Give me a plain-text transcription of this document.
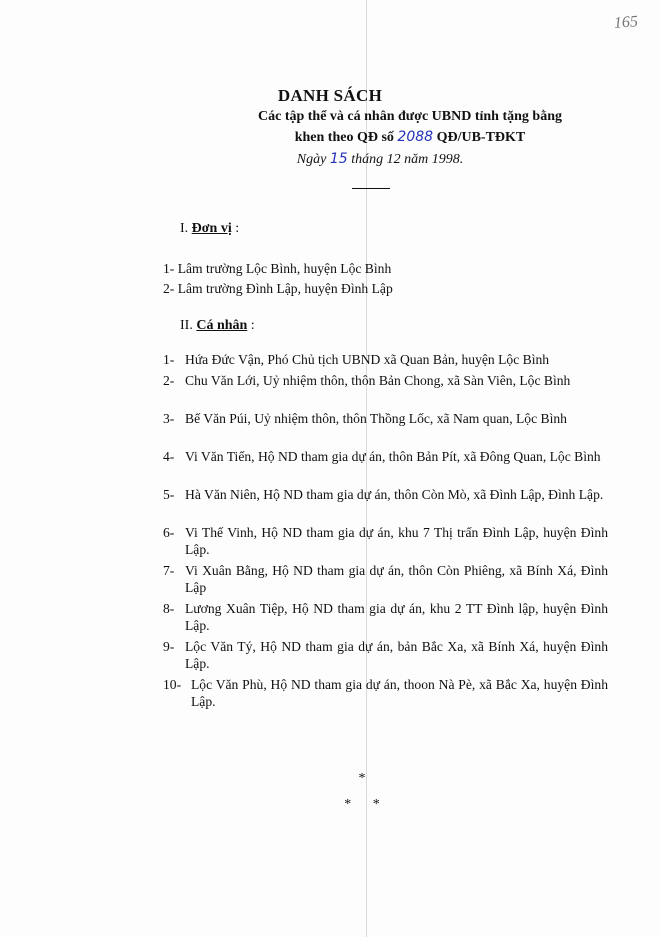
165
DANH SÁCH
Các tập thể và cá nhân được UBND tỉnh tặng bằng
khen theo QĐ số 2088 QĐ/UB-TĐKT
Ngày 15 tháng 12 năm 1998.
I. Đơn vị :
1- Lâm trường Lộc Bình, huyện Lộc Bình
2- Lâm trường Đình Lập, huyện Đình Lập
II. Cá nhân :
1- Hứa Đức Vận, Phó Chủ tịch UBND xã Quan Bản, huyện Lộc Bình
2- Chu Văn Lới, Uỷ nhiệm thôn, thôn Bản Chong, xã Sàn Viên, Lộc Bình
3- Bế Văn Púi, Uỷ nhiệm thôn, thôn Thồng Lốc, xã Nam quan, Lộc Bình
4- Vi Văn Tiến, Hộ ND tham gia dự án, thôn Bản Pít, xã Đông Quan, Lộc Bình
5- Hà Văn Niên, Hộ ND tham gia dự án, thôn Còn Mò, xã Đình Lập, Đình Lập.
6- Vi Thế Vinh, Hộ ND tham gia dự án, khu 7 Thị trấn Đình Lập, huyện Đình Lập.
7- Vi Xuân Bằng, Hộ ND tham gia dự án, thôn Còn Phiêng, xã Bính Xá, Đình Lập
8- Lương Xuân Tiệp, Hộ ND tham gia dự án, khu 2 TT Đình lập, huyện Đình Lập.
9- Lộc Văn Tý, Hộ ND tham gia dự án, bản Bắc Xa, xã Bính Xá, huyện Đình Lập.
10- Lộc Văn Phù, Hộ ND tham gia dự án, thoon Nà Pè, xã Bắc Xa, huyện Đình Lập.
*
* *
